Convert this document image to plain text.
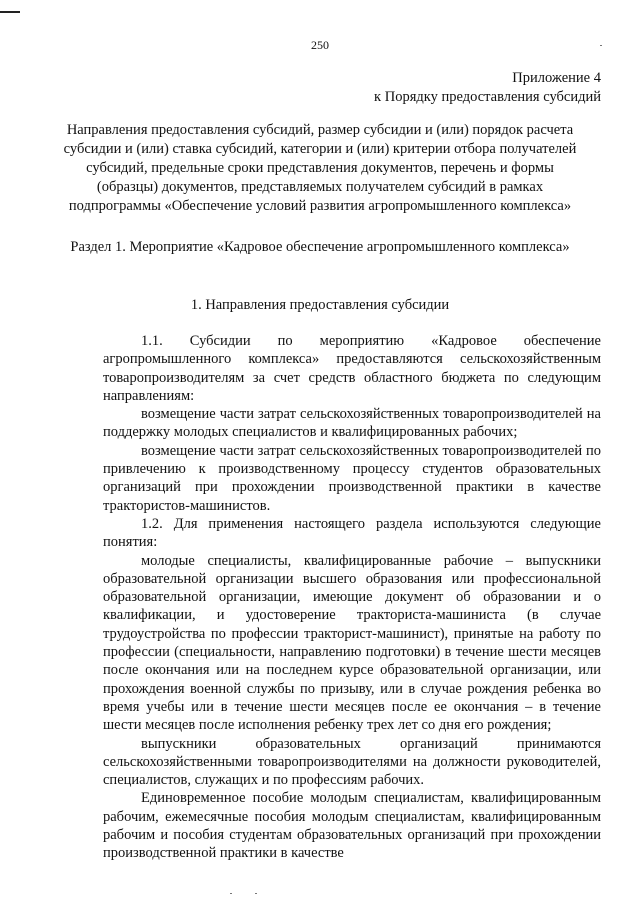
250
Приложение 4
к Порядку предоставления субсидий
Направления предоставления субсидий, размер субсидии и (или) порядок расчета субсидии и (или) ставка субсидий, категории и (или) критерии отбора получателей субсидий, предельные сроки представления документов, перечень и формы (образцы) документов, представляемых получателем субсидий в рамках подпрограммы «Обеспечение условий развития агропромышленного комплекса»
Раздел 1. Мероприятие «Кадровое обеспечение агропромышленного комплекса»
1. Направления предоставления субсидии

1.1. Субсидии по мероприятию «Кадровое обеспечение агропромышленного комплекса» предоставляются сельскохозяйственным товаропроизводителям за счет средств областного бюджета по следующим направлениям:

возмещение части затрат сельскохозяйственных товаропроизводителей на поддержку молодых специалистов и квалифицированных рабочих;

возмещение части затрат сельскохозяйственных товаропроизводителей по привлечению к производственному процессу студентов образовательных организаций при прохождении производственной практики в качестве трактористов-машинистов.

1.2. Для применения настоящего раздела используются следующие понятия:

молодые специалисты, квалифицированные рабочие – выпускники образовательной организации высшего образования или профессиональной образовательной организации, имеющие документ об образовании и о квалификации, и удостоверение тракториста-машиниста (в случае трудоустройства по профессии тракторист-машинист), принятые на работу по профессии (специальности, направлению подготовки) в течение шести месяцев после окончания или на последнем курсе образовательной организации, или прохождения военной службы по призыву, или в случае рождения ребенка во время учебы или в течение шести месяцев после ее окончания – в течение шести месяцев после исполнения ребенку трех лет со дня его рождения;

выпускники образовательных организаций принимаются сельскохозяйственными товаропроизводителями на должности руководителей, специалистов, служащих и по профессиям рабочих.

Единовременное пособие молодым специалистам, квалифицированным рабочим, ежемесячные пособия молодым специалистам, квалифицированным рабочим и пособия студентам образовательных организаций при прохождении производственной практики в качестве
